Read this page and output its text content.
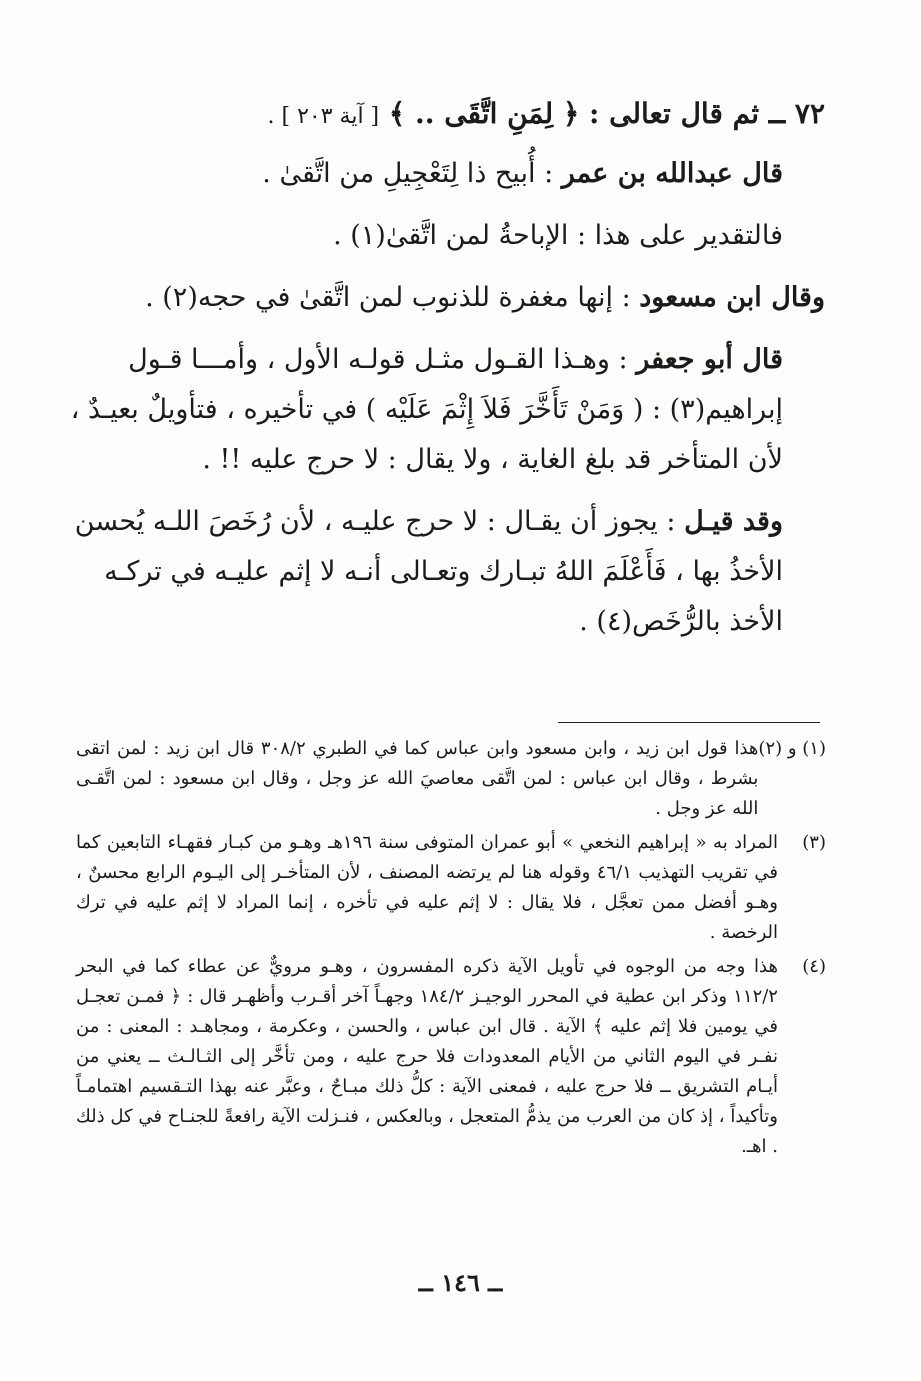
٧٢ ــ ثم قال تعالى : ﴿ لِمَنِ اتَّقَى .. ﴾ [ آية ٢٠٣ ] .
قال عبدالله بن عمر : أُبيح ذا لِتَعْجِيلِ من اتَّقىٰ .
فالتقدير على هذا : الإباحةُ لمن اتَّقىٰ(١) .
وقال ابن مسعود : إنها مغفرة للذنوب لمن اتَّقىٰ في حجه(٢) .
قال أبو جعفر : وهـذا القـول مثـل قولـه الأول ، وأمـــا قـول إبراهيم(٣) : ( وَمَنْ تَأَخَّرَ فَلاَ إِثْمَ عَلَيْه ) في تأخيره ، فتأويلٌ بعيـدٌ ، لأن المتأخر قد بلغ الغاية ، ولا يقال : لا حرج عليه !! .
وقد قيـل : يجوز أن يقـال : لا حرج عليـه ، لأن رُخَصَ اللـه يُحسن الأخذُ بها ، فَأَعْلَمَ اللهُ تبـارك وتعـالى أنـه لا إثم عليـه في تركـه الأخذ بالرُّخَص(٤) .
(١) و (٢)
هذا قول ابن زيد ، وابن مسعود وابن عباس كما في الطبري ٣٠٨/٢ قال ابن زيد : لمن اتقى بشرط ، وقال ابن عباس : لمن اتَّقى معاصيَ الله عز وجل ، وقال ابن مسعود : لمن اتَّقـى الله عز وجل .
(٣)
المراد به « إبراهيم النخعي » أبو عمران المتوفى سنة ١٩٦هـ وهـو من كبـار فقهـاء التابعين كما في تقريب التهذيب ٤٦/١ وقوله هنا لم يرتضه المصنف ، لأن المتأخـر إلى اليـوم الرابع محسنٌ ، وهـو أفضل ممن تعجَّل ، فلا يقال : لا إثم عليه في تأخره ، إنما المراد لا إثم عليه في ترك الرخصة .
(٤)
هذا وجه من الوجوه في تأويل الآية ذكره المفسرون ، وهـو مرويٌّ عن عطاء كما في البحر ١١٢/٢ وذكر ابن عطية في المحرر الوجيـز ١٨٤/٢ وجهـاً آخر أقـرب وأظهـر قال : ﴿ فمـن تعجـل في يومين فلا إثم عليه ﴾ الآية . قال ابن عباس ، والحسن ، وعكرمة ، ومجاهـد : المعنى : من نفـر في اليوم الثاني من الأيام المعدودات فلا حرج عليه ، ومن تأخَّر إلى الثـالـث ــ يعني من أيـام التشريق ــ فلا حرج عليه ، فمعنى الآية : كلُّ ذلك مبـاحٌ ، وعبَّر عنه بهذا التـقسيم اهتمامـاً وتأكيداً ، إذ كان من العرب من يذمُّ المتعجل ، وبالعكس ، فنـزلت الآية رافعةً للجنـاح في كل ذلك . اهـ.
ــ ١٤٦ ــ
